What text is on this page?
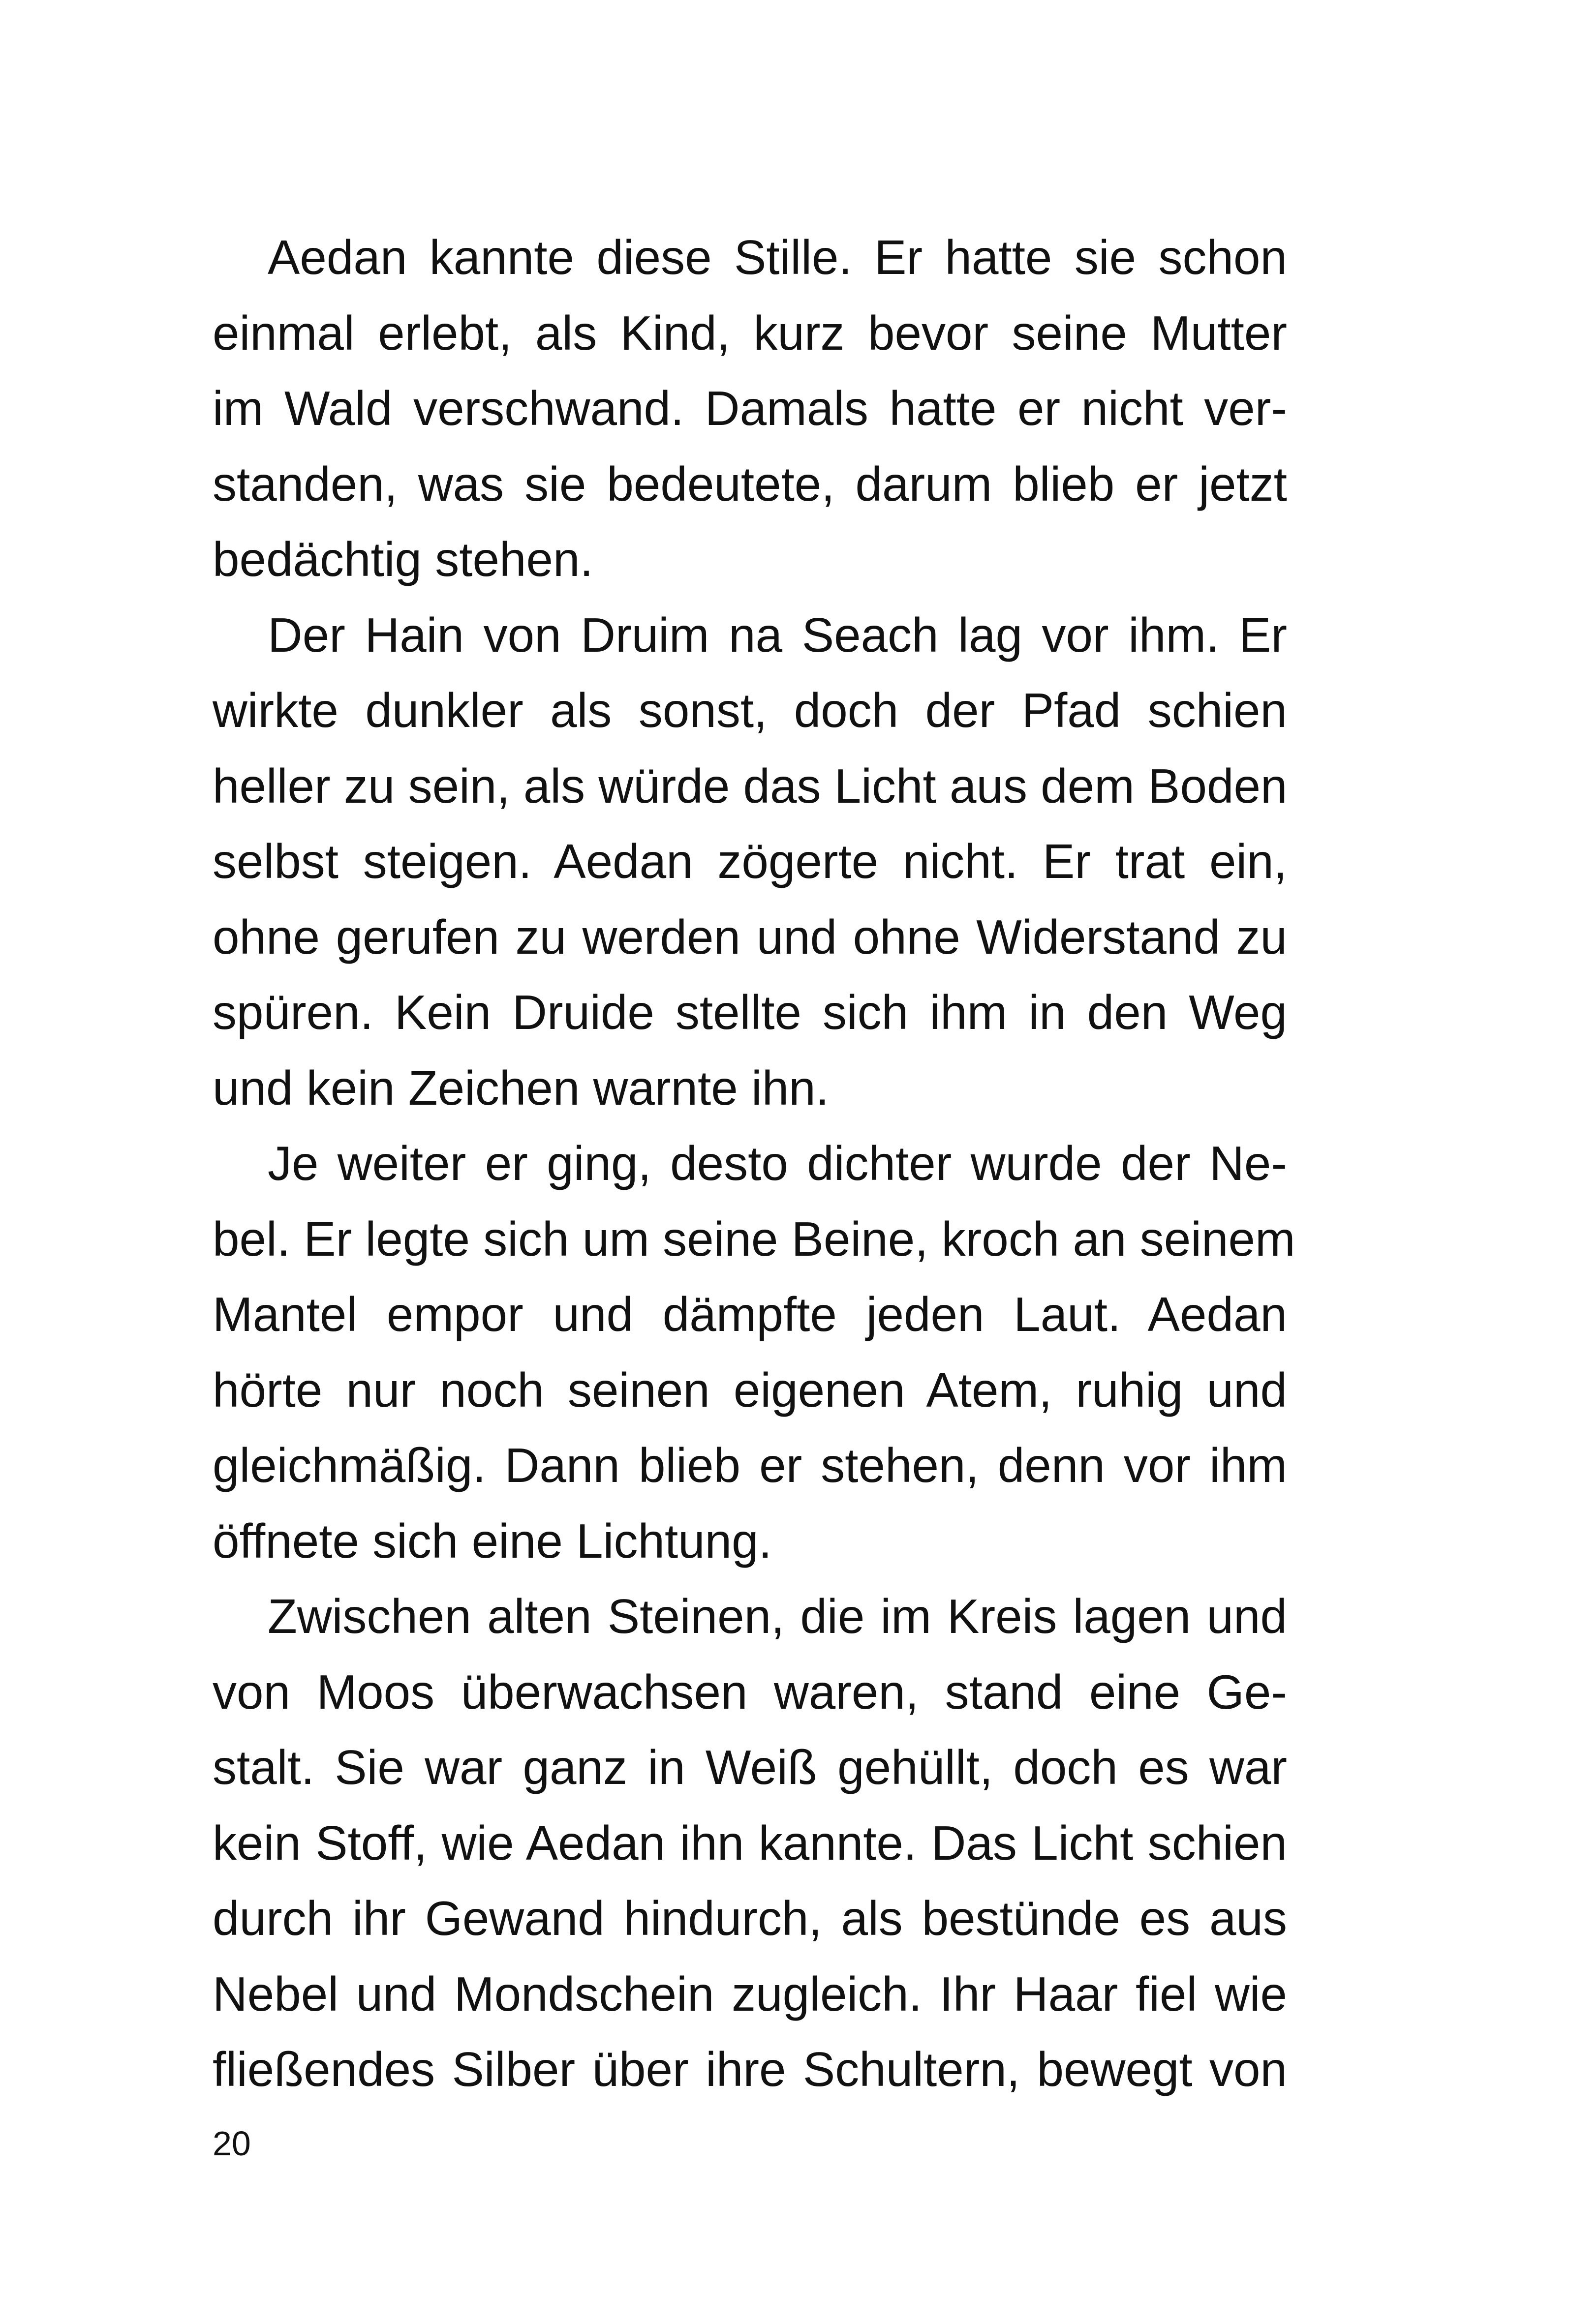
Aedan kannte diese Stille. Er hatte sie schon
einmal erlebt, als Kind, kurz bevor seine Mutter
im Wald verschwand. Damals hatte er nicht ver-
standen, was sie bedeutete, darum blieb er jetzt
bedächtig stehen.
Der Hain von Druim na Seach lag vor ihm. Er
wirkte dunkler als sonst, doch der Pfad schien
heller zu sein, als würde das Licht aus dem Boden
selbst steigen. Aedan zögerte nicht. Er trat ein,
ohne gerufen zu werden und ohne Widerstand zu
spüren. Kein Druide stellte sich ihm in den Weg
und kein Zeichen warnte ihn.
Je weiter er ging, desto dichter wurde der Ne-
bel. Er legte sich um seine Beine, kroch an seinem
Mantel empor und dämpfte jeden Laut. Aedan
hörte nur noch seinen eigenen Atem, ruhig und
gleichmäßig. Dann blieb er stehen, denn vor ihm
öffnete sich eine Lichtung.
Zwischen alten Steinen, die im Kreis lagen und
von Moos überwachsen waren, stand eine Ge-
stalt. Sie war ganz in Weiß gehüllt, doch es war
kein Stoff, wie Aedan ihn kannte. Das Licht schien
durch ihr Gewand hindurch, als bestünde es aus
Nebel und Mondschein zugleich. Ihr Haar fiel wie
fließendes Silber über ihre Schultern, bewegt von
20
